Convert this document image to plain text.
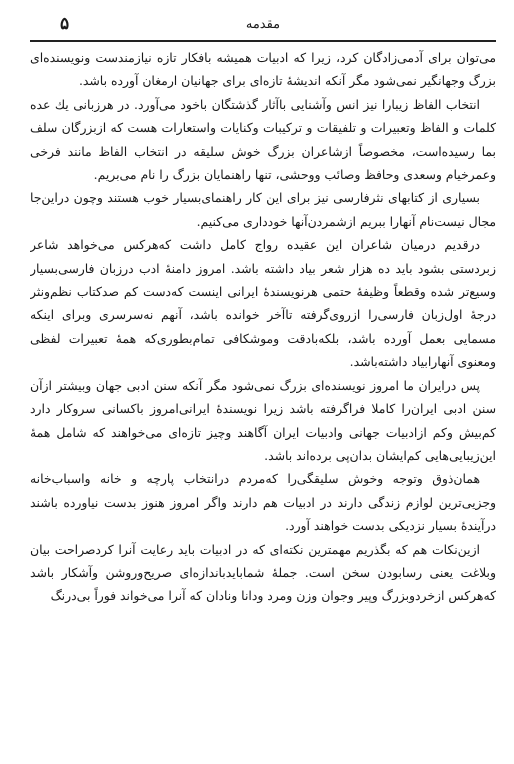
۵	مقدمه

می‌توان برای آدمی‌زادگان کرد، زیرا که ادبیات همیشه بافکار تازه نیازمندست ونویسنده‌ای بزرگ وجهانگیر نمی‌شود مگر آنکه اندیشهٔ تازه‌ای برای جهانیان ارمغان آورده باشد.

انتخاب الفاظ زیبارا نیز انس وآشنایی باآثار گذشتگان باخود می‌آورد. در هرزبانی یك عده کلمات و الفاظ وتعبیرات و تلفیقات و ترکیبات وکنایات واستعارات هست که ازبزرگان سلف بما رسیده‌است، مخصوصاً ازشاعران بزرگ خوش سلیقه در انتخاب الفاظ مانند فرخی وعمرخیام وسعدی وحافظ وصائب ووحشی، تنها راهنمایان بزرگ را نام می‌بریم.

بسیاری از کتابهای نثرفارسی نیز برای این کار راهنمای‌بسیار خوب هستند وچون دراین‌جا مجال نیست‌نام آنهارا ببریم ازشمردن‌آنها خودداری می‌کنیم.

درقدیم درمیان شاعران این عقیده رواج کامل داشت که‌هرکس می‌خواهد شاعر زبردستی بشود باید ده هزار شعر بیاد داشته باشد. امروز دامنهٔ ادب درزبان فارسی‌بسیار وسیع‌تر شده وقطعاً وظیفهٔ حتمی هرنویسندهٔ ایرانی اینست که‌دست کم صدکتاب نظم‌ونثر درجهٔ اول‌زبان فارسی‌را ازروی‌گرفته تاآخر خوانده باشد، آنهم نه‌سرسری وبرای اینکه مسمایی بعمل آورده باشد، بلکه‌بادقت وموشکافی تمام‌بطوری‌که همهٔ تعبیرات لفظی ومعنوی آنهارابیاد داشته‌باشد.

پس درایران ما امروز نویسنده‌ای بزرگ نمی‌شود مگر آنکه سنن ادبی جهان وبیشتر ازآن سنن ادبی ایران‌را کاملا فراگرفته باشد زیرا نویسندهٔ ایرانی‌امروز باکسانی سروکار دارد کم‌بیش وکم ازادبیات جهانی وادبیات ایران آگاهند وچیز تازه‌ای می‌خواهند که شامل همهٔ این‌زیبایی‌هایی کم‌ایشان بدان‌پی برده‌اند باشد.

همان‌ذوق وتوجه وخوش سلیقگی‌را که‌مردم درانتخاب پارچه و خانه واسباب‌خانه وجزیی‌ترین لوازم زندگی دارند در ادبیات هم دارند واگر امروز هنوز بدست نیاورده باشند درآیندهٔ بسیار نزدیکی بدست خواهند آورد.

ازین‌نکات هم که بگذریم مهمترین نکته‌ای که در ادبیات باید رعایت آنرا کرد‌صراحت بیان وبلاغت یعنی رسابودن سخن است. جملهٔ شمابایدباندازه‌ای صریح‌وروشن وآشکار باشد که‌هرکس ازخردوبزرگ وپیر وجوان وزن ومرد ودانا ونادان که آنرا می‌خواند فوراً بی‌درنگ
